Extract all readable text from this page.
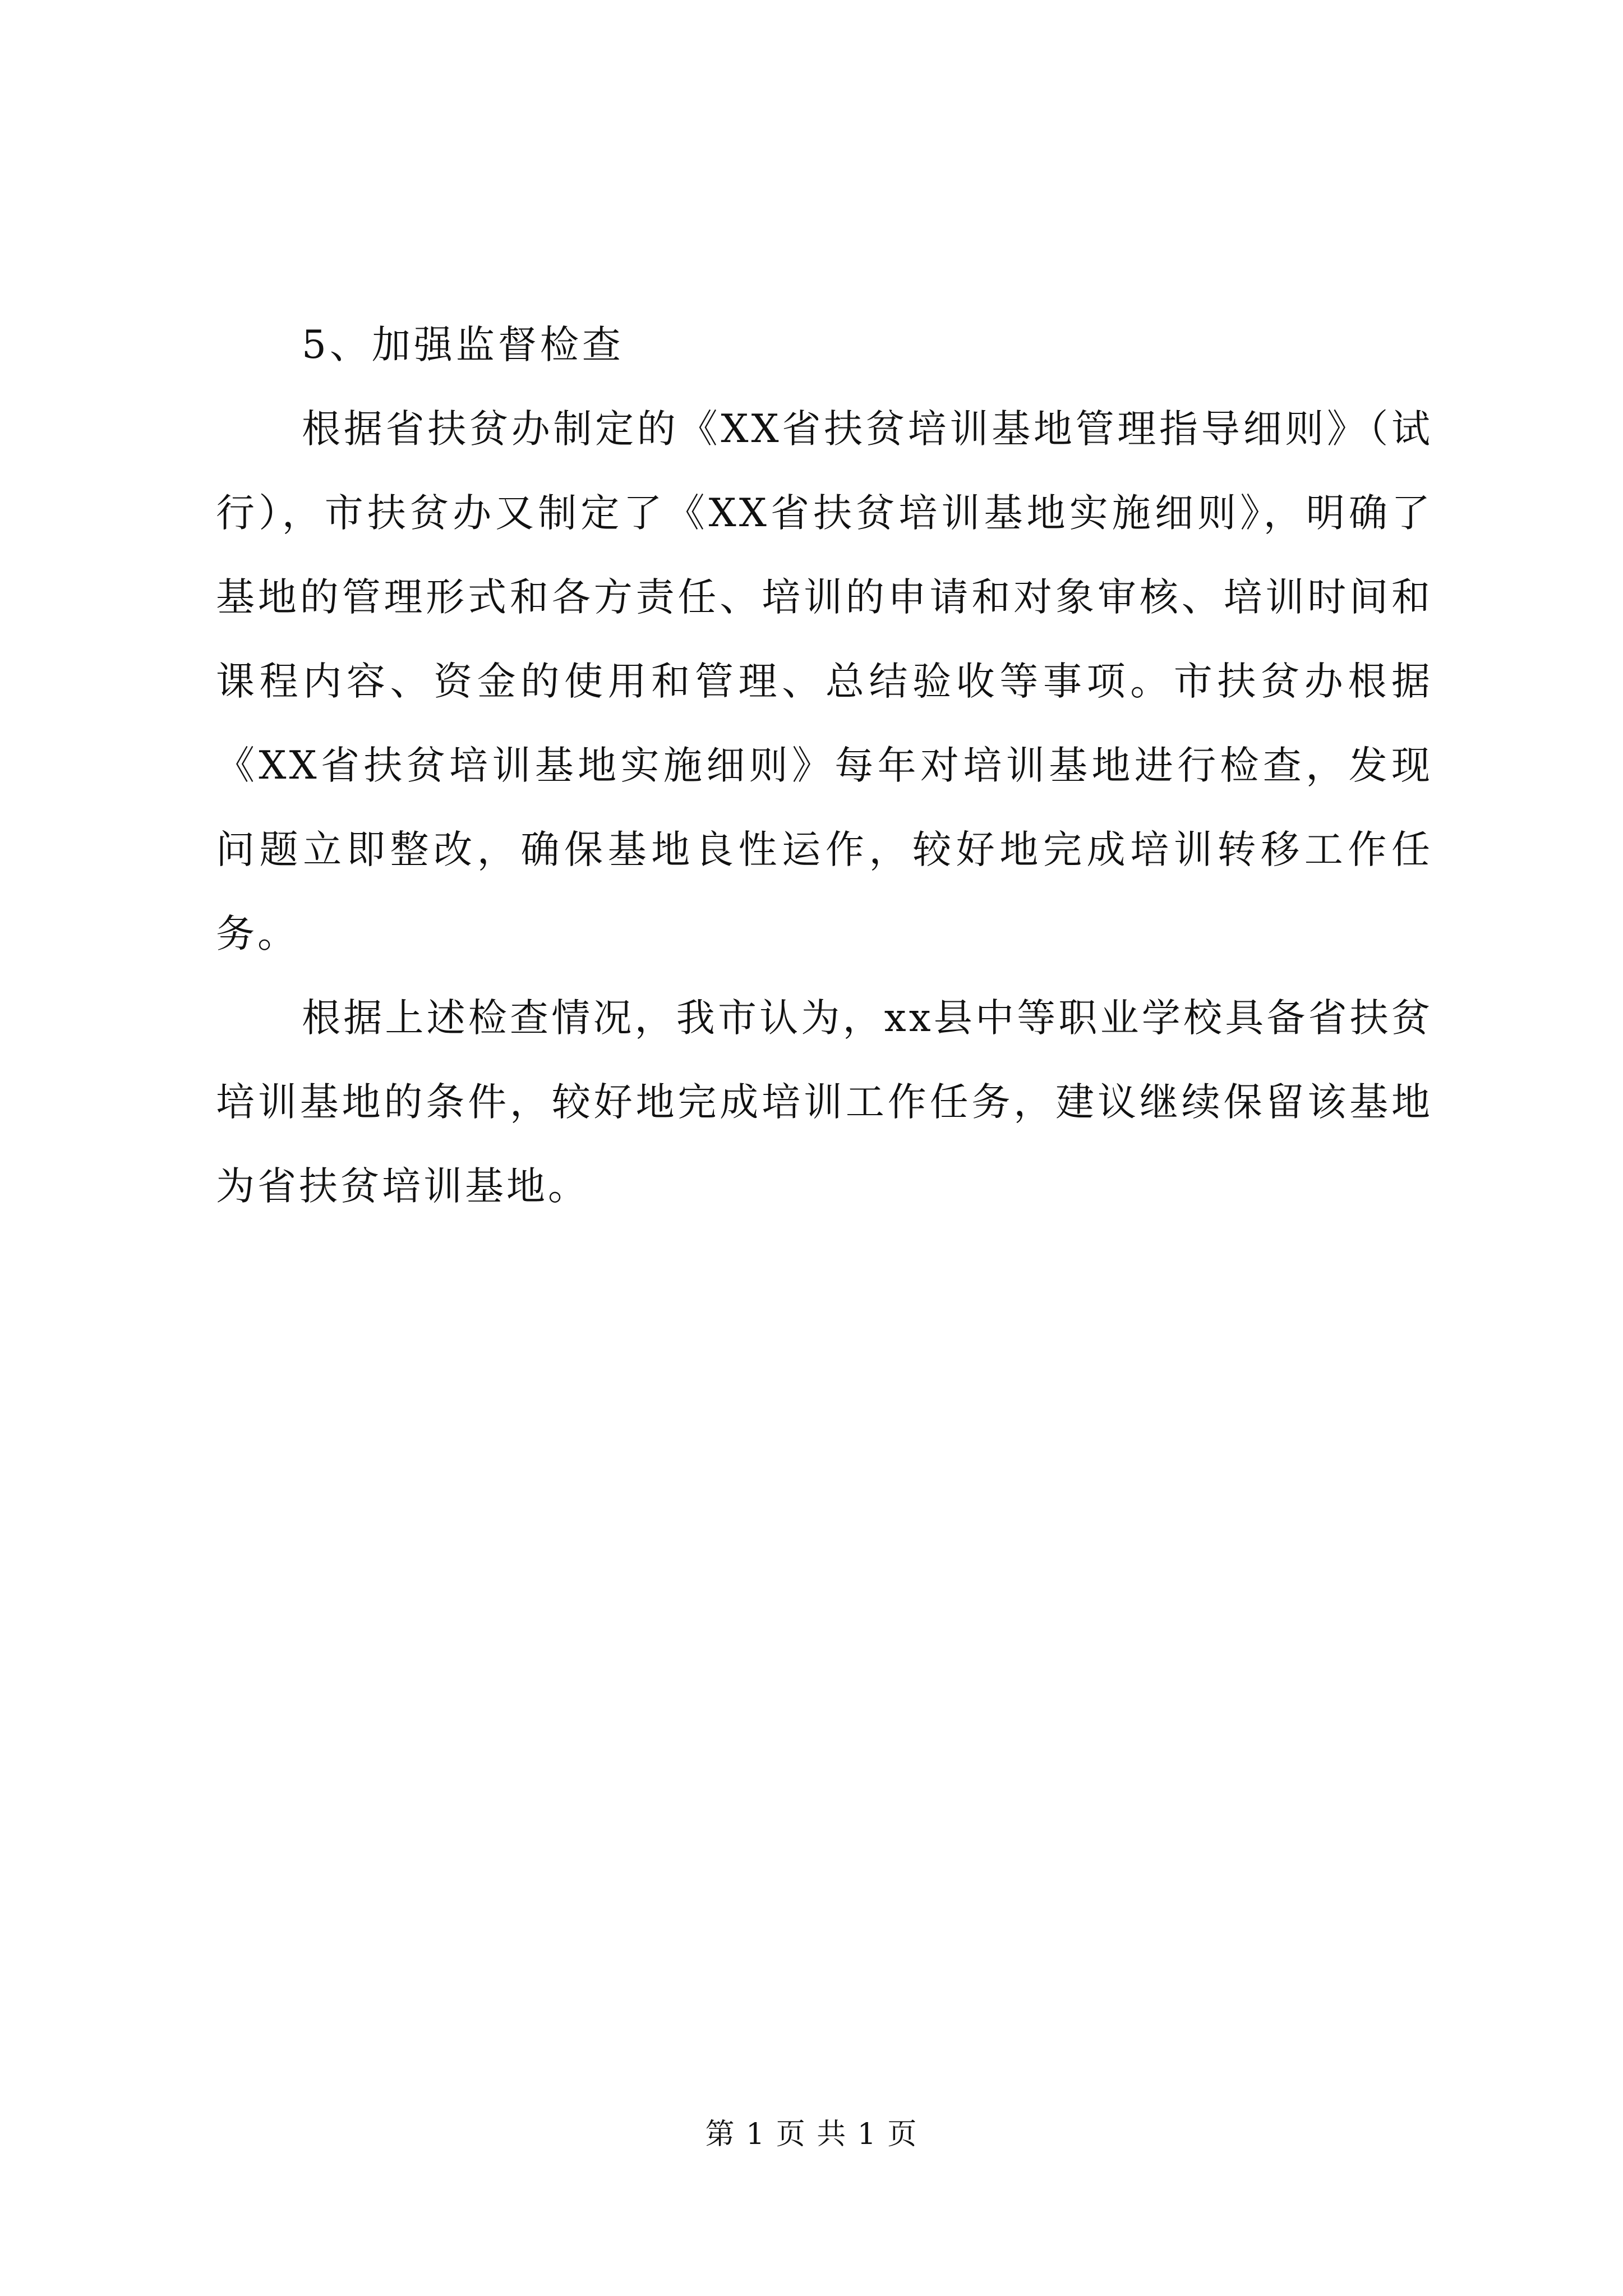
5、加强监督检查

根据省扶贫办制定的《XX省扶贫培训基地管理指导细则》（试行），市扶贫办又制定了《XX省扶贫培训基地实施细则》，明确了基地的管理形式和各方责任、培训的申请和对象审核、培训时间和课程内容、资金的使用和管理、总结验收等事项。市扶贫办根据《XX省扶贫培训基地实施细则》每年对培训基地进行检查，发现问题立即整改，确保基地良性运作，较好地完成培训转移工作任务。

根据上述检查情况，我市认为，xx县中等职业学校具备省扶贫培训基地的条件，较好地完成培训工作任务，建议继续保留该基地为省扶贫培训基地。

第 1 页 共 1 页
